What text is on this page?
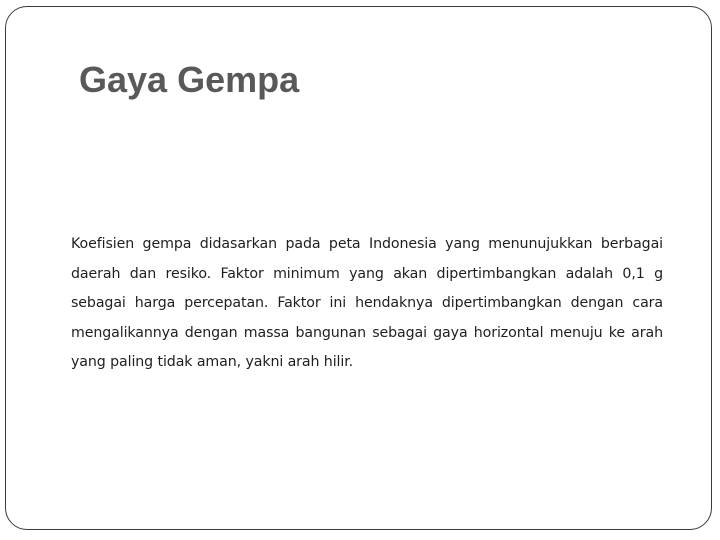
Gaya Gempa

Koefisien gempa didasarkan pada peta Indonesia yang menunujukkan berbagai daerah dan resiko. Faktor minimum yang akan dipertimbangkan adalah 0,1 g sebagai harga percepatan. Faktor ini hendaknya dipertimbangkan dengan cara mengalikannya dengan massa bangunan sebagai gaya horizontal menuju ke arah yang paling tidak aman, yakni arah hilir.
